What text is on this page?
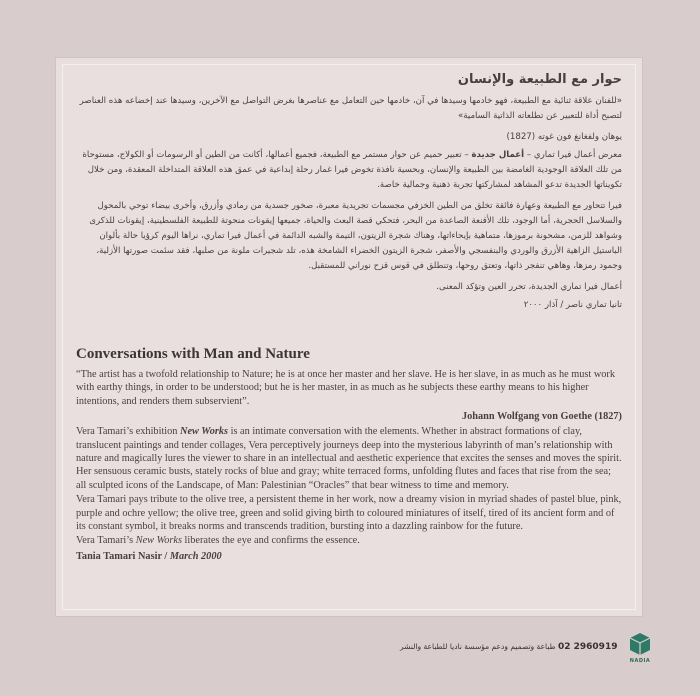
حوار مع الطبيعة والإنسان

«للفنان علاقة ثنائية مع الطبيعة، فهو خادمها وسيدها في آن، خادمها حين التعامل مع عناصرها بغرض التواصل مع الآخرين، وسيدها عند إخضاعه هذه العناصر لتصبح أداة للتعبير عن تطلعاته الذاتية السامية»

يوهان ولفغانغ فون غوته (1827)

معرض أعمال فيرا تماري – أعمال جديدة – تعبير حميم عن حوار مستمر مع الطبيعة، فجميع أعمالها، أكانت من الطين أو الرسومات أو الكولاج، مستوحاة من تلك العلاقة الوجودية الغامضة بين الطبيعة والإنسان، وبحسية نافذة تخوض فيرا غمار رحلة إبداعية في عمق هذه العلاقة المتداخلة المعقدة، ومن خلال تكويناتها الجديدة تدعو المشاهد لمشاركتها تجربة ذهنية وجمالية خاصة.

فيرا تتحاور مع الطبيعة وعهارة فائقة تخلق من الطين الخزفي مجسمات تجريدية معبرة، صخور جسدية من رمادي وأزرق، وأخرى بيضاء توحي بالمحول والسلاسل الحجرية، أما الوجود، تلك الأقنعة الصاعدة من البحر، فتحكي قصة البعث والحياة، جميعها إيقونات منحوتة للطبيعة الفلسطينية، إيقونات للذكرى وشواهد للزمن، مشحونة برموزها، متماهية بإيحاءاتها، وهناك شجرة الزيتون، التيمة والشبه الدائمة في أعمال فيرا تماري، نراها اليوم كرؤيا حالة بألوان الباستيل الزاهية الأزرق والوردي والبنفسجي والأصفر، شجرة الزيتون الخضراء الشامخة هذه، تلد شجيرات ملونة من صلبها، فقد سئمت صورتها الأزلية، وجمود رمزها، وهاهي تنفجر ذاتها، وتعتق روحها، وتنطلق في قوس قزح نوراني للمستقبل.

أعمال فيرا تماري الجديدة، تحرر العين وتؤكد المعنى.

تانيا تماري ناصر / آذار ٢٠٠٠

Conversations with Man and Nature

“The artist has a twofold relationship to Nature; he is at once her master and her slave. He is her slave, in as much as he must work with earthy things, in order to be understood; but he is her master, in as much as he subjects these earthy means to his higher intentions, and renders them subservient”.

Johann Wolfgang von Goethe (1827)

Vera Tamari’s exhibition New Works is an intimate conversation with the elements. Whether in abstract formations of clay, translucent paintings and tender collages, Vera perceptively journeys deep into the mysterious labyrinth of man’s relationship with nature and magically lures the viewer to share in an intellectual and aesthetic experience that excites the senses and moves the spirit. Her sensuous ceramic busts, stately rocks of blue and gray; white terraced forms, unfolding flutes and faces that rise from the sea; all sculpted icons of the Landscape, of Man: Palestinian “Oracles” that bear witness to time and memory.

Vera Tamari pays tribute to the olive tree, a persistent theme in her work, now a dreamy vision in myriad shades of pastel blue, pink, purple and ochre yellow; the olive tree, green and solid giving birth to coloured miniatures of itself, tired of its ancient form and of its constant symbol, it breaks norms and transcends tradition, bursting into a dazzling rainbow for the future.

Vera Tamari’s New Works liberates the eye and confirms the essence.

Tania Tamari Nasir / March 2000

02 2960919 طباعة وتصميم ودعم مؤسسة ناديا للطباعة والنشر
NADIA
